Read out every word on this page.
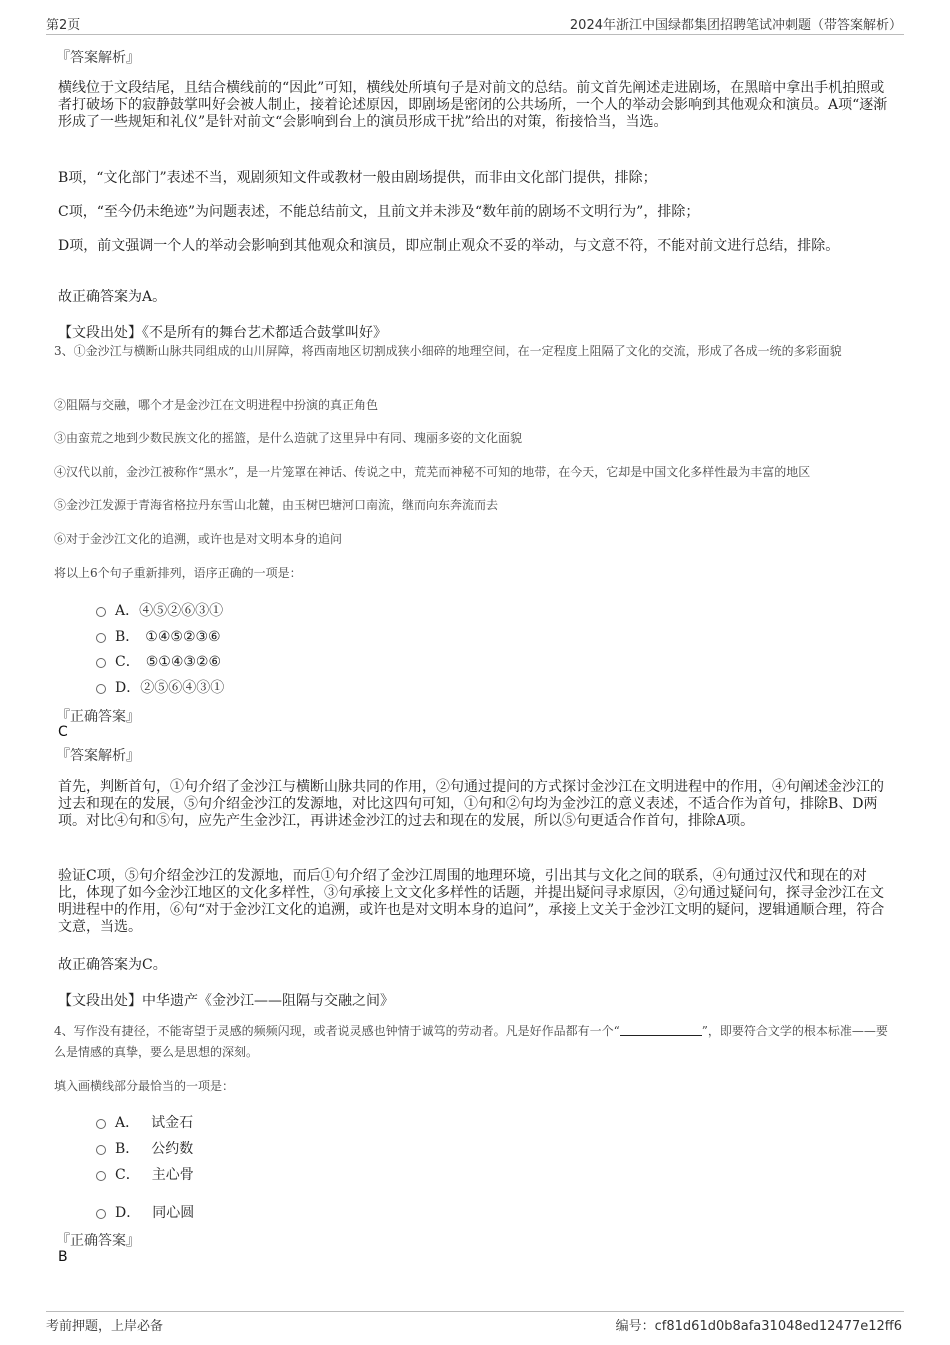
第2页	2024年浙江中国绿都集团招聘笔试冲刺题（带答案解析）
『答案解析』
横线位于文段结尾，且结合横线前的“因此”可知，横线处所填句子是对前文的总结。前文首先阐述走进剧场，在黑暗中拿出手机拍照或者打破场下的寂静鼓掌叫好会被人制止，接着论述原因，即剧场是密闭的公共场所，一个人的举动会影响到其他观众和演员。A项“逐渐形成了一些规矩和礼仪”是针对前文“会影响到台上的演员形成干扰”给出的对策，衔接恰当，当选。
B项，“文化部门”表述不当，观剧须知文件或教材一般由剧场提供，而非由文化部门提供，排除；
C项，“至今仍未绝迹”为问题表述，不能总结前文，且前文并未涉及“数年前的剧场不文明行为”，排除；
D项，前文强调一个人的举动会影响到其他观众和演员，即应制止观众不妥的举动，与文意不符，不能对前文进行总结，排除。
故正确答案为A。
【文段出处】《不是所有的舞台艺术都适合鼓掌叫好》
3、①金沙江与横断山脉共同组成的山川屏障，将西南地区切割成狭小细碎的地理空间，在一定程度上阻隔了文化的交流，形成了各成一统的多彩面貌
②阻隔与交融，哪个才是金沙江在文明进程中扮演的真正角色
③由蛮荒之地到少数民族文化的摇篮，是什么造就了这里异中有同、瑰丽多姿的文化面貌
④汉代以前，金沙江被称作“黑水”，是一片笼罩在神话、传说之中，荒芜而神秘不可知的地带，在今天，它却是中国文化多样性最为丰富的地区
⑤金沙江发源于青海省格拉丹东雪山北麓，由玉树巴塘河口南流，继而向东奔流而去
⑥对于金沙江文化的追溯，或许也是对文明本身的追问
将以上6个句子重新排列，语序正确的一项是：
A．④⑤②⑥③①
B． ①④⑤②③⑥
C． ⑤①④③②⑥
D．②⑤⑥④③①
『正确答案』
C
『答案解析』
首先，判断首句，①句介绍了金沙江与横断山脉共同的作用，②句通过提问的方式探讨金沙江在文明进程中的作用，④句阐述金沙江的过去和现在的发展，⑤句介绍金沙江的发源地，对比这四句可知，①句和②句均为金沙江的意义表述，不适合作为首句，排除B、D两项。对比④句和⑤句，应先产生金沙江，再讲述金沙江的过去和现在的发展，所以⑤句更适合作首句，排除A项。
验证C项，⑤句介绍金沙江的发源地，而后①句介绍了金沙江周围的地理环境，引出其与文化之间的联系，④句通过汉代和现在的对比，体现了如今金沙江地区的文化多样性，③句承接上文文化多样性的话题，并提出疑问寻求原因，②句通过疑问句，探寻金沙江在文明进程中的作用，⑥句“对于金沙江文化的追溯，或许也是对文明本身的追问”，承接上文关于金沙江文明的疑问，逻辑通顺合理，符合文意，当选。
故正确答案为C。
【文段出处】中华遗产《金沙江——阻隔与交融之间》
4、写作没有捷径，不能寄望于灵感的频频闪现，或者说灵感也钟情于诚笃的劳动者。凡是好作品都有一个“	”，即要符合文学的根本标准——要么是情感的真挚，要么是思想的深刻。
填入画横线部分最恰当的一项是：
A． 试金石
B． 公约数
C． 主心骨
D． 同心圆
『正确答案』
B
考前押题，上岸必备	编号：cf81d61d0b8afa31048ed12477e12ff6
